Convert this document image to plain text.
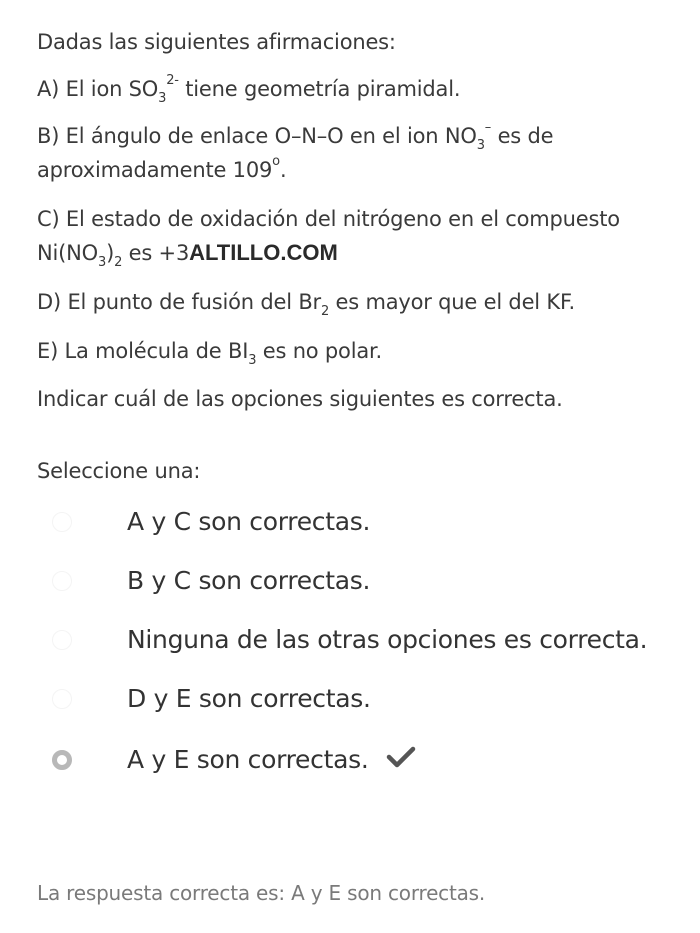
Dadas las siguientes afirmaciones:
A) El ion $SO_3^{2-}$ tiene geometría piramidal.
B) El ángulo de enlace O–N–O en el ion $NO_3^-$ es de
aproximadamente 109$^o$.
C) El estado de oxidación del nitrógeno en el compuesto
$Ni(NO_3)_2$ es +3ALTILLO.COM
D) El punto de fusión del $Br_2$ es mayor que el del KF.
E) La molécula de $BI_3$ es no polar.
Indicar cuál de las opciones siguientes es correcta.
Seleccione una:
A y C son correctas.
B y C son correctas.
Ninguna de las otras opciones es correcta.
D y E son correctas.
A y E son correctas.
La respuesta correcta es: A y E son correctas.
